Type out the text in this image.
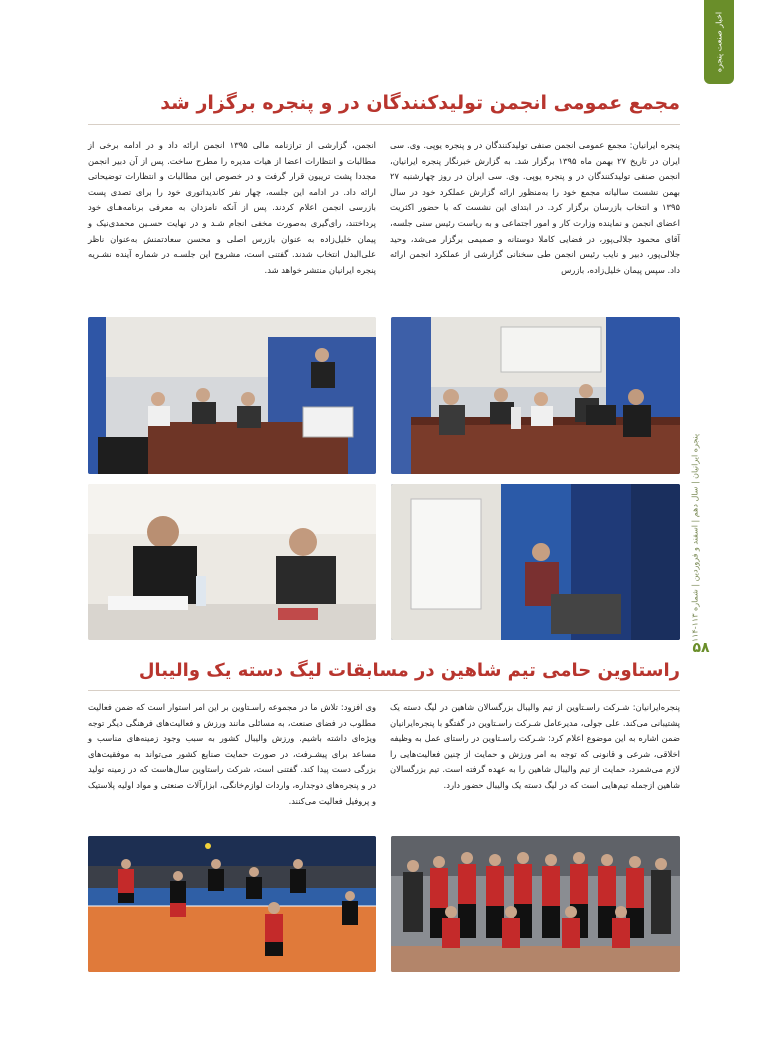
اخبار صنعت پنجره
پنجره ایرانیان | سال دهم | اسفند و فروردین | شماره ۱۱۳-۱۱۴
۵۸
مجمع عمومی انجمن تولیدکنندگان در و پنجره برگزار شد

پنجره ایرانیان: مجمع عمومی انجمن صنفی تولیدکنندگان در و پنجره یوپی. وی. سی ایران در تاریخ ۲۷ بهمن ماه ۱۳۹۵ برگزار شد. به گزارش خبرنگار پنجره ایرانیان، انجمن صنفی تولیدکنندگان در و پنجره یوپی. وی. سی ایران در روز چهارشنبه ۲۷ بهمن نشست سالیانه مجمع خود را به‌منظور ارائه گزارش عملکرد خود در سال ۱۳۹۵ و انتخاب بازرسان برگزار کرد. در ابتدای این نشست که با حضور اکثریت اعضای انجمن و نماینده وزارت کار و امور اجتماعی و به ریاست رئیس سنی جلسه، آقای محمود جلالی‌پور، در فضایی کاملا دوستانه و صمیمی برگزار می‌شد، وحید جلالی‌پور، دبیر و نایب رئیس انجمن طی سخنانی گزارشی از عملکرد انجمن ارائه داد. سپس پیمان خلیل‌زاده، بازرس

انجمن، گزارشی از ترازنامه مالی ۱۳۹۵ انجمن ارائه داد و در ادامه برخی از مطالبات و انتظارات اعضا از هیات مدیره را مطرح ساخت. پس از آن دبیر انجمن مجددا پشت تریبون قرار گرفت و در خصوص این مطالبات و انتظارات توضیحاتی ارائه داد. در ادامه این جلسه، چهار نفر کاندیداتوری خود را برای تصدی پست بازرسی انجمن اعلام کردند. پس از آنکه نامزدان به معرفی برنامه‌هـای خود پرداختند، رای‌گیری به‌صورت مخفی انجام شـد و در نهایت حسـین محمدی‌نیک و پیمان خلیل‌زاده به عنوان بازرس اصلی و محسن سعادتمنش به‌عنوان ناظر علی‌البدل انتخاب شدند. گفتنی است، مشروح این جلسـه در شماره آینده نشـریه پنجره ایرانیان منتشر خواهد شد.

راستاوین حامی تیم شاهین در مسابقات لیگ دسته یک والیبال

پنجره‌ایرانیان: شـرکت راسـتاوین از تیم والیبال بزرگسالان شاهین در لیگ دسته یک پشتیبانی می‌کند. علی جولی، مدیرعامل شـرکت راسـتاوین در گفتگو با پنجره‌ایرانیان ضمن اشاره به این موضوع اعلام کرد: شـرکت راسـتاوین در راستای عمل به وظیفه اخلاقی، شرعی و قانونی که توجه به امر ورزش و حمایت از چنین فعالیت‌هایی را لازم می‌شمرد، حمایت از تیم والیبال شاهین را به عهده گرفته است. تیم بزرگسالان شاهین ازجمله تیم‌هایی است که در لیگ دسته یک والیبال حضور دارد.

وی افزود: تلاش ما در مجموعه راسـتاوین بر این امر استوار است که ضمن فعالیت مطلوب در فضای صنعت، به مسائلی مانند ورزش و فعالیت‌های فرهنگی دیگر توجه ویژه‌ای داشته باشیم. ورزش والیبال کشور به سبب وجود زمینه‌های مناسب و مساعد برای پیشـرفت، در صورت حمایت صنایع کشور می‌تواند به موفقیت‌های بزرگی دست پیدا کند. گفتنی است، شرکت راستاوین سال‌هاست که در زمینه تولید در و پنجره‌های دوجداره، واردات لوازم‌خانگی، ابزارآلات صنعتی و مواد اولیه پلاستیک و پروفیل فعالیت می‌کنند.
